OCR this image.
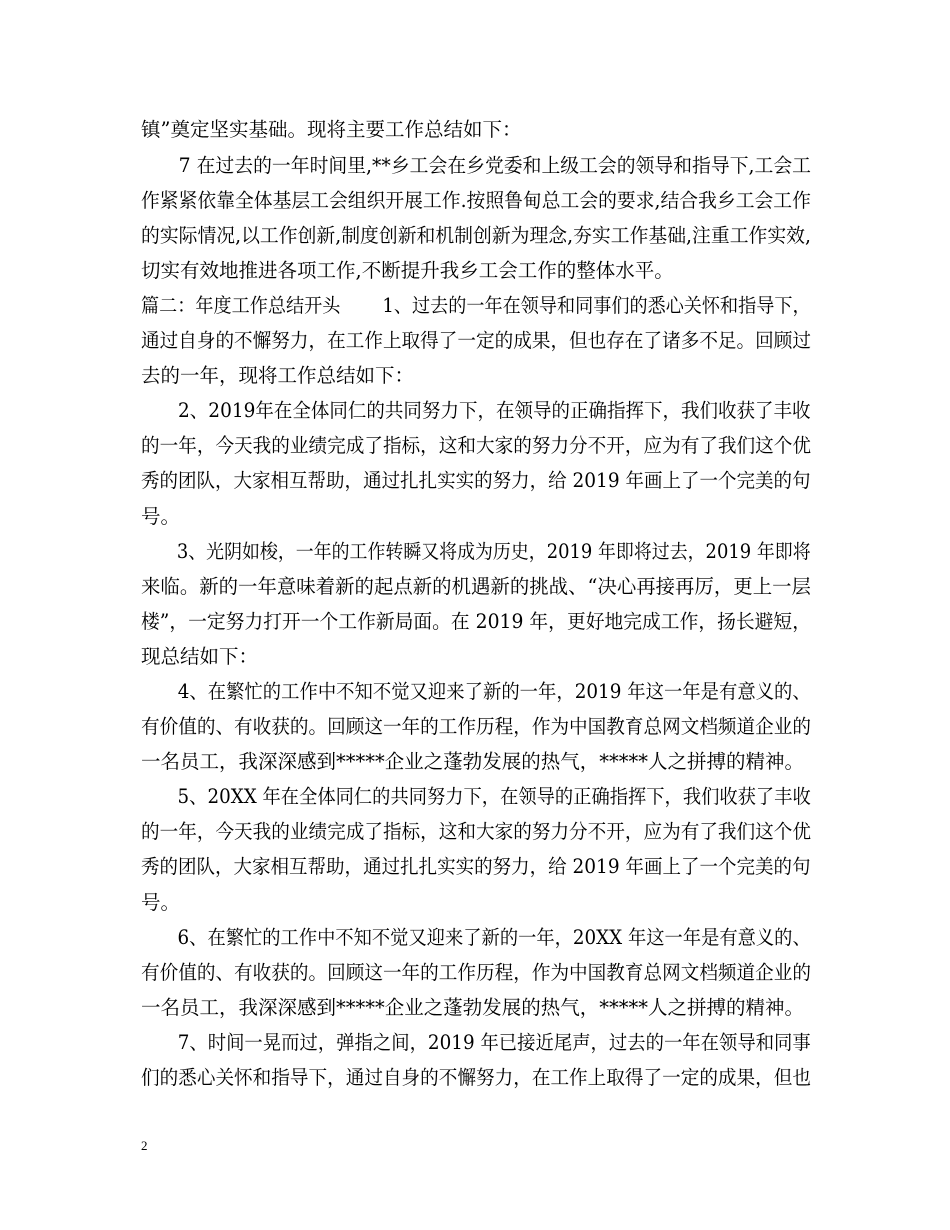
镇”奠定坚实基础。现将主要工作总结如下：
　　7 在过去的一年时间里,**乡工会在乡党委和上级工会的领导和指导下,工会工
作紧紧依靠全体基层工会组织开展工作.按照鲁甸总工会的要求,结合我乡工会工作
的实际情况,以工作创新,制度创新和机制创新为理念,夯实工作基础,注重工作实效,
切实有效地推进各项工作,不断提升我乡工会工作的整体水平。
篇二：年度工作总结开头　　 1、过去的一年在领导和同事们的悉心关怀和指导下，
通过自身的不懈努力，在工作上取得了一定的成果，但也存在了诸多不足。回顾过
去的一年，现将工作总结如下：
　　2、2019年在全体同仁的共同努力下，在领导的正确指挥下，我们收获了丰收
的一年，今天我的业绩完成了指标，这和大家的努力分不开，应为有了我们这个优
秀的团队，大家相互帮助，通过扎扎实实的努力，给 2019 年画上了一个完美的句
号。
　　3、光阴如梭，一年的工作转瞬又将成为历史，2019 年即将过去，2019 年即将
来临。新的一年意味着新的起点新的机遇新的挑战、“决心再接再厉，更上一层
楼”，一定努力打开一个工作新局面。在 2019 年，更好地完成工作，扬长避短，
现总结如下：
　　4、在繁忙的工作中不知不觉又迎来了新的一年，2019 年这一年是有意义的、
有价值的、有收获的。回顾这一年的工作历程，作为中国教育总网文档频道企业的
一名员工，我深深感到*****企业之蓬勃发展的热气，*****人之拼搏的精神。
　　5、20XX 年在全体同仁的共同努力下，在领导的正确指挥下，我们收获了丰收
的一年，今天我的业绩完成了指标，这和大家的努力分不开，应为有了我们这个优
秀的团队，大家相互帮助，通过扎扎实实的努力，给 2019 年画上了一个完美的句
号。
　　6、在繁忙的工作中不知不觉又迎来了新的一年，20XX 年这一年是有意义的、
有价值的、有收获的。回顾这一年的工作历程，作为中国教育总网文档频道企业的
一名员工，我深深感到*****企业之蓬勃发展的热气，*****人之拼搏的精神。
　　7、时间一晃而过，弹指之间，2019 年已接近尾声，过去的一年在领导和同事
们的悉心关怀和指导下，通过自身的不懈努力，在工作上取得了一定的成果，但也
2
